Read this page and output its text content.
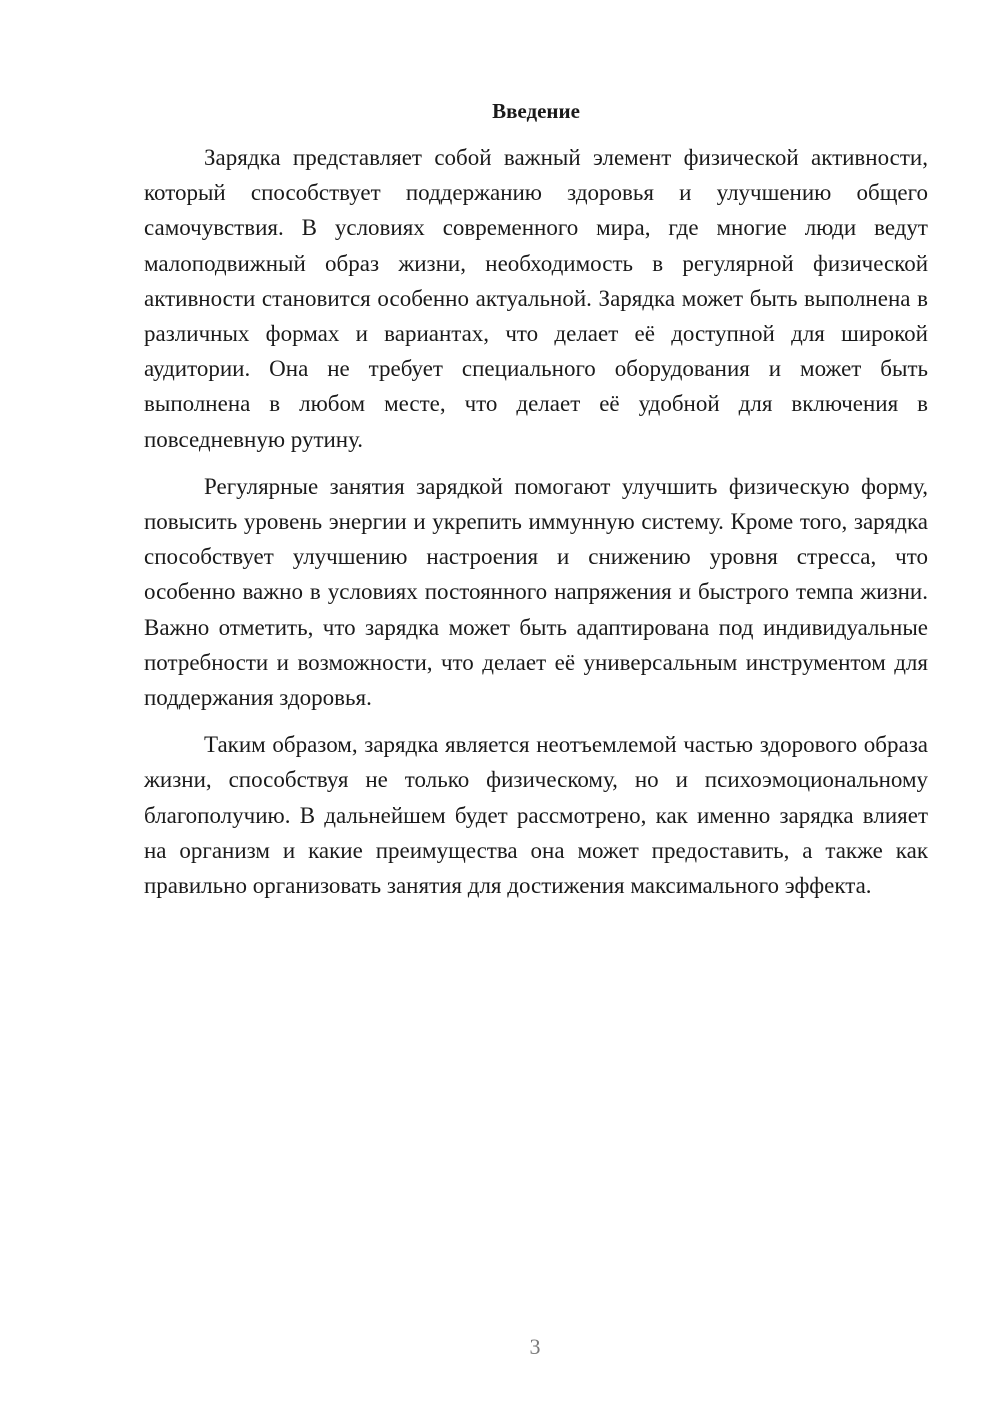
Введение

Зарядка представляет собой важный элемент физической активности, который способствует поддержанию здоровья и улучшению общего самочувствия. В условиях современного мира, где многие люди ведут малоподвижный образ жизни, необходимость в регулярной физической активности становится особенно актуальной. Зарядка может быть выполнена в различных формах и вариантах, что делает её доступной для широкой аудитории. Она не требует специального оборудования и может быть выполнена в любом месте, что делает её удобной для включения в повседневную рутину.

Регулярные занятия зарядкой помогают улучшить физическую форму, повысить уровень энергии и укрепить иммунную систему. Кроме того, зарядка способствует улучшению настроения и снижению уровня стресса, что особенно важно в условиях постоянного напряжения и быстрого темпа жизни. Важно отметить, что зарядка может быть адаптирована под индивидуальные потребности и возможности, что делает её универсальным инструментом для поддержания здоровья.

Таким образом, зарядка является неотъемлемой частью здорового образа жизни, способствуя не только физическому, но и психоэмоциональному благополучию. В дальнейшем будет рассмотрено, как именно зарядка влияет на организм и какие преимущества она может предоставить, а также как правильно организовать занятия для достижения максимального эффекта.

3
